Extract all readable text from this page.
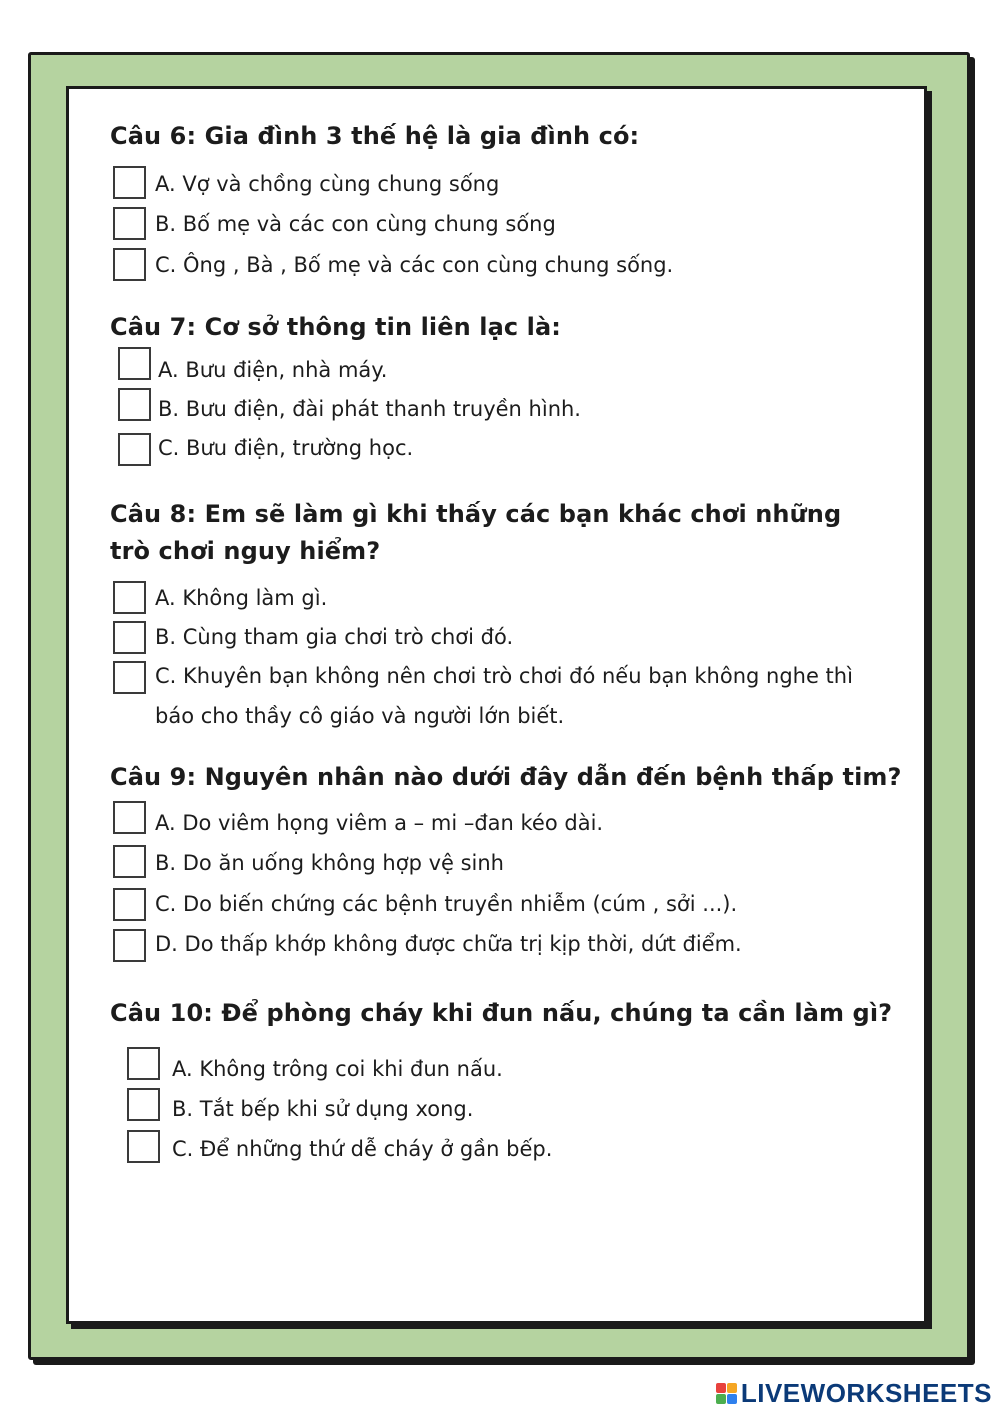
Câu 6: Gia đình 3 thế hệ là gia đình có:
A. Vợ và chồng cùng chung sống
B. Bố mẹ và các con cùng chung sống
C. Ông , Bà , Bố mẹ và các con cùng chung sống.
Câu 7: Cơ sở thông tin liên lạc là:
A. Bưu điện, nhà máy.
B. Bưu điện, đài phát thanh truyền hình.
C. Bưu điện, trường học.
Câu 8: Em sẽ làm gì khi thấy các bạn khác chơi những
trò chơi nguy hiểm?
A. Không làm gì.
B. Cùng tham gia chơi trò chơi đó.
C. Khuyên bạn không nên chơi trò chơi đó nếu bạn không nghe thì
báo cho thầy cô giáo và người lớn biết.
Câu 9: Nguyên nhân nào dưới đây dẫn đến bệnh thấp tim?
A. Do viêm họng viêm a – mi –đan kéo dài.
B. Do ăn uống không hợp vệ sinh
C. Do biến chứng các bệnh truyền nhiễm (cúm , sởi ...).
D. Do thấp khớp không được chữa trị kịp thời, dứt điểm.
Câu 10: Để phòng cháy khi đun nấu, chúng ta cần làm gì?
A. Không trông coi khi đun nấu.
B. Tắt bếp khi sử dụng xong.
C. Để những thứ dễ cháy ở gần bếp.
LIVEWORKSHEETS
